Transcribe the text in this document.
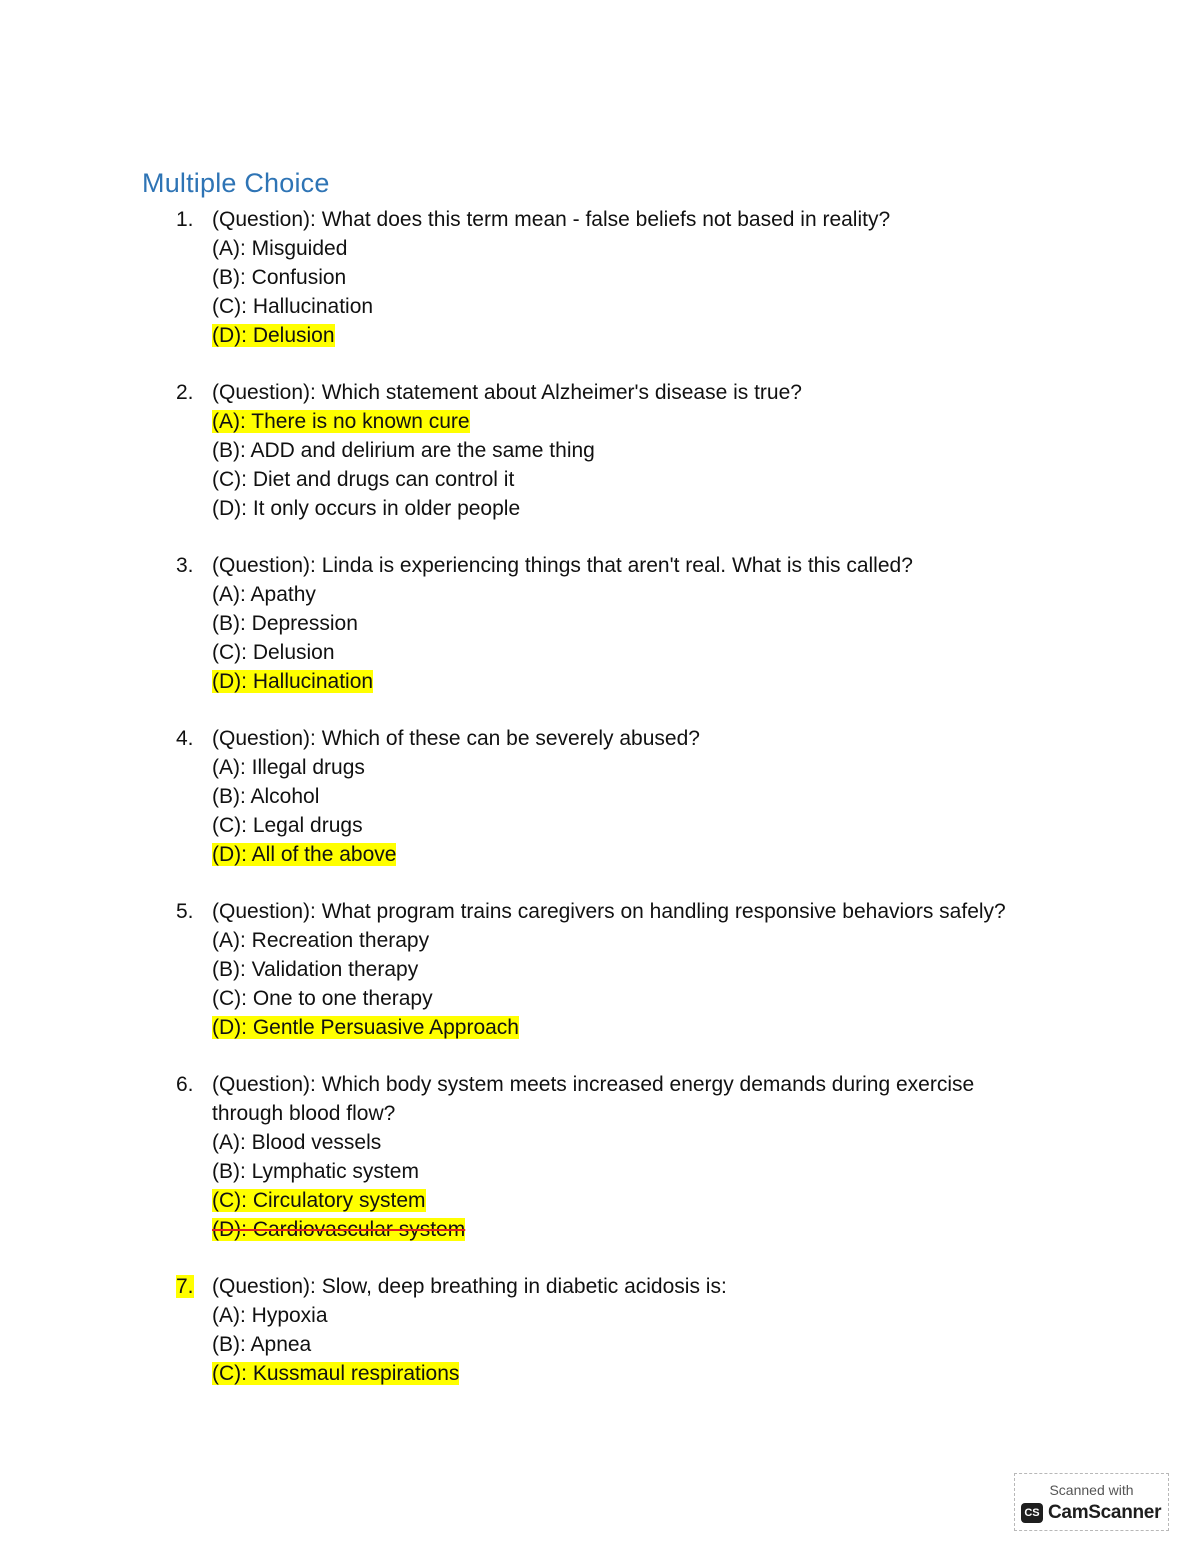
Multiple Choice
1. (Question): What does this term mean - false beliefs not based in reality?
(A): Misguided
(B): Confusion
(C): Hallucination
(D): Delusion
2. (Question): Which statement about Alzheimer's disease is true?
(A): There is no known cure
(B): ADD and delirium are the same thing
(C): Diet and drugs can control it
(D): It only occurs in older people
3. (Question): Linda is experiencing things that aren't real. What is this called?
(A): Apathy
(B): Depression
(C): Delusion
(D): Hallucination
4. (Question): Which of these can be severely abused?
(A): Illegal drugs
(B): Alcohol
(C): Legal drugs
(D): All of the above
5. (Question): What program trains caregivers on handling responsive behaviors safely?
(A): Recreation therapy
(B): Validation therapy
(C): One to one therapy
(D): Gentle Persuasive Approach
6. (Question): Which body system meets increased energy demands during exercise
through blood flow?
(A): Blood vessels
(B): Lymphatic system
(C): Circulatory system
(D): Cardiovascular system
7. (Question): Slow, deep breathing in diabetic acidosis is:
(A): Hypoxia
(B): Apnea
(C): Kussmaul respirations
Scanned with
CS CamScanner
